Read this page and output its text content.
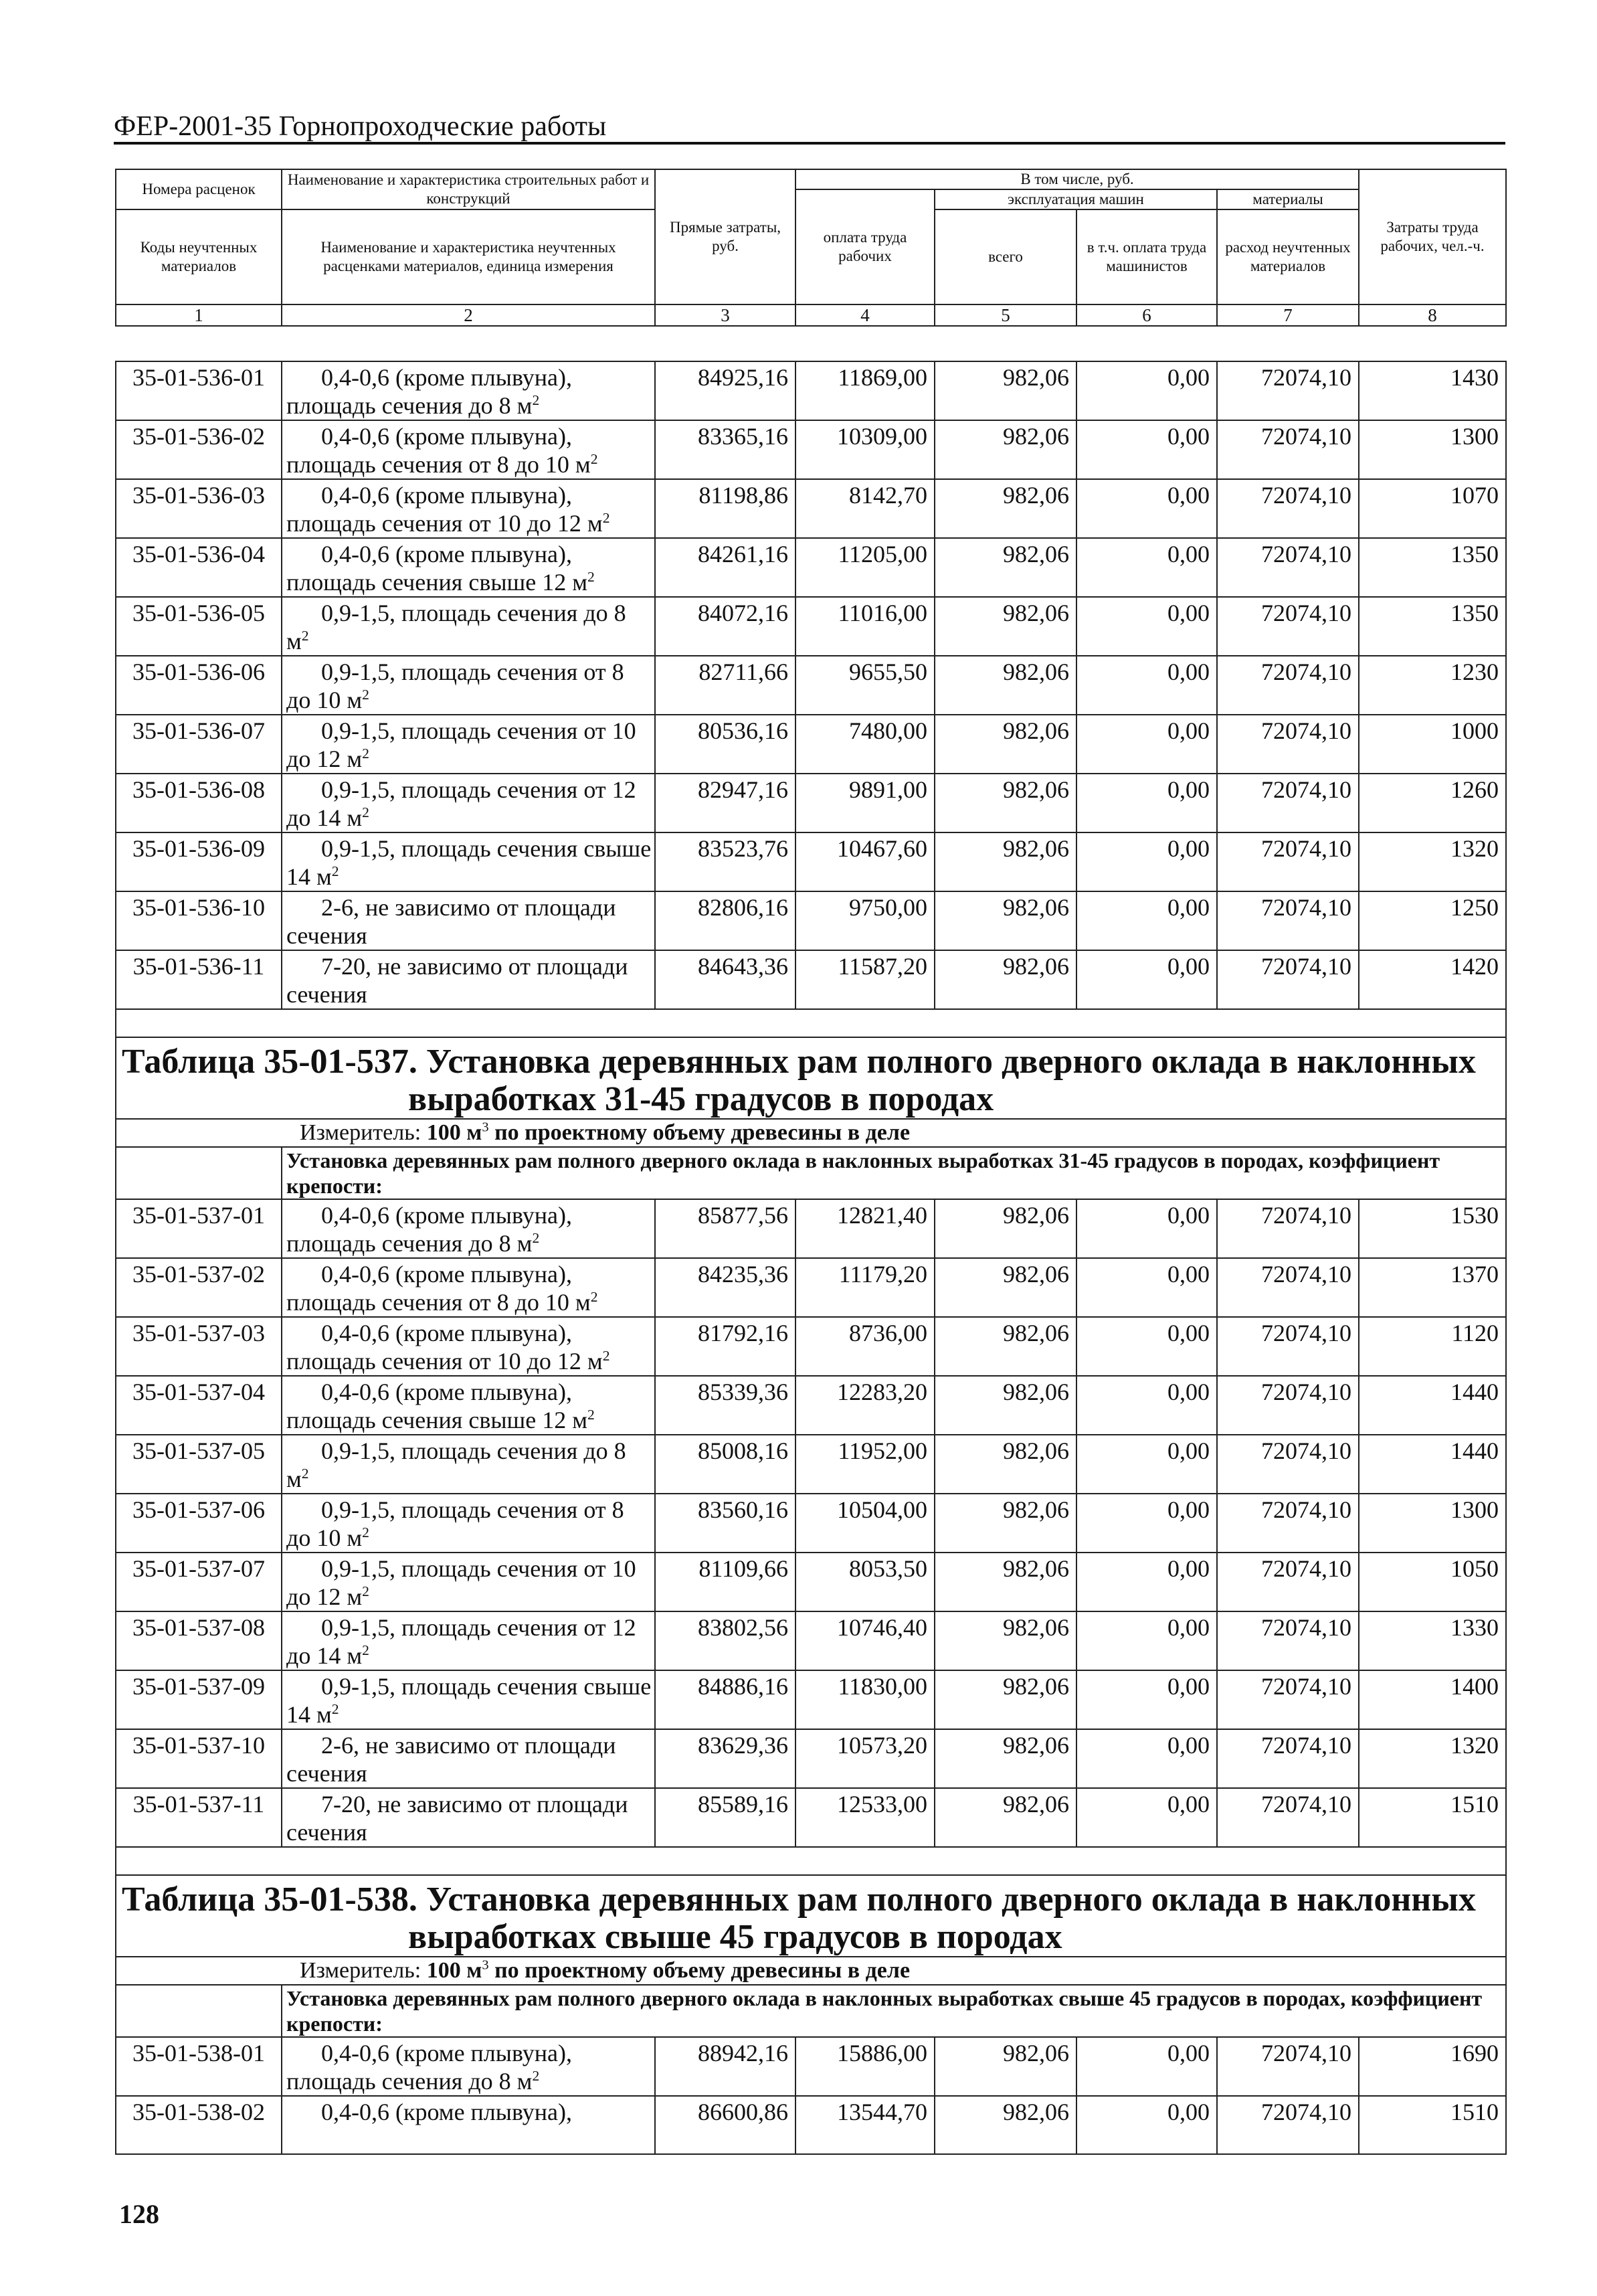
ФЕР-2001-35 Горнопроходческие работы
Номера расценок	Наименование и характеристика строительных работ и конструкций	Прямые затраты, руб.	В том числе, руб.				Затраты труда рабочих, чел.-ч.
			оплата труда рабочих	эксплуатация машин		материалы	
Коды неучтенных материалов	Наименование и характеристика неучтенных расценками материалов, единица измерения			всего	в т.ч. оплата труда машинистов	расход неучтенных материалов	
1	2	3	4	5	6	7	8
35-01-536-01	0,4-0,6 (кроме плывуна), площадь сечения до 8 $м^2$	84925,16	11869,00	982,06	0,00	72074,10	1430
35-01-536-02	0,4-0,6 (кроме плывуна), площадь сечения от 8 до 10 $м^2$	83365,16	10309,00	982,06	0,00	72074,10	1300
35-01-536-03	0,4-0,6 (кроме плывуна), площадь сечения от 10 до 12 $м^2$	81198,86	8142,70	982,06	0,00	72074,10	1070
35-01-536-04	0,4-0,6 (кроме плывуна), площадь сечения свыше 12 $м^2$	84261,16	11205,00	982,06	0,00	72074,10	1350
35-01-536-05	0,9-1,5, площадь сечения до 8 $м^2$	84072,16	11016,00	982,06	0,00	72074,10	1350
35-01-536-06	0,9-1,5, площадь сечения от 8 до 10 $м^2$	82711,66	9655,50	982,06	0,00	72074,10	1230
35-01-536-07	0,9-1,5, площадь сечения от 10 до 12 $м^2$	80536,16	7480,00	982,06	0,00	72074,10	1000
35-01-536-08	0,9-1,5, площадь сечения от 12 до 14 $м^2$	82947,16	9891,00	982,06	0,00	72074,10	1260
35-01-536-09	0,9-1,5, площадь сечения свыше 14 $м^2$	83523,76	10467,60	982,06	0,00	72074,10	1320
35-01-536-10	2-6, не зависимо от площади сечения	82806,16	9750,00	982,06	0,00	72074,10	1250
35-01-536-11	7-20, не зависимо от площади сечения	84643,36	11587,20	982,06	0,00	72074,10	1420

Таблица 35-01-537. Установка деревянных рам полного дверного оклада в наклонных
выработках 31-45 градусов в породах							

Измеритель: 100 $м^3$ по проектному объему древесины в деле							
	Установка деревянных рам полного дверного оклада в наклонных выработках 31-45 градусов в породах, коэффициент крепости:						
35-01-537-01	0,4-0,6 (кроме плывуна), площадь сечения до 8 $м^2$	85877,56	12821,40	982,06	0,00	72074,10	1530
35-01-537-02	0,4-0,6 (кроме плывуна), площадь сечения от 8 до 10 $м^2$	84235,36	11179,20	982,06	0,00	72074,10	1370
35-01-537-03	0,4-0,6 (кроме плывуна), площадь сечения от 10 до 12 $м^2$	81792,16	8736,00	982,06	0,00	72074,10	1120
35-01-537-04	0,4-0,6 (кроме плывуна), площадь сечения свыше 12 $м^2$	85339,36	12283,20	982,06	0,00	72074,10	1440
35-01-537-05	0,9-1,5, площадь сечения до 8 $м^2$	85008,16	11952,00	982,06	0,00	72074,10	1440
35-01-537-06	0,9-1,5, площадь сечения от 8 до 10 $м^2$	83560,16	10504,00	982,06	0,00	72074,10	1300
35-01-537-07	0,9-1,5, площадь сечения от 10 до 12 $м^2$	81109,66	8053,50	982,06	0,00	72074,10	1050
35-01-537-08	0,9-1,5, площадь сечения от 12 до 14 $м^2$	83802,56	10746,40	982,06	0,00	72074,10	1330
35-01-537-09	0,9-1,5, площадь сечения свыше 14 $м^2$	84886,16	11830,00	982,06	0,00	72074,10	1400
35-01-537-10	2-6, не зависимо от площади сечения	83629,36	10573,20	982,06	0,00	72074,10	1320
35-01-537-11	7-20, не зависимо от площади сечения	85589,16	12533,00	982,06	0,00	72074,10	1510

Таблица 35-01-538. Установка деревянных рам полного дверного оклада в наклонных
выработках свыше 45 градусов в породах							

Измеритель: 100 $м^3$ по проектному объему древесины в деле							
	Установка деревянных рам полного дверного оклада в наклонных выработках свыше 45 градусов в породах, коэффициент крепости:						
35-01-538-01	0,4-0,6 (кроме плывуна), площадь сечения до 8 $м^2$	88942,16	15886,00	982,06	0,00	72074,10	1690
35-01-538-02	0,4-0,6 (кроме плывуна),	86600,86	13544,70	982,06	0,00	72074,10	1510
128
